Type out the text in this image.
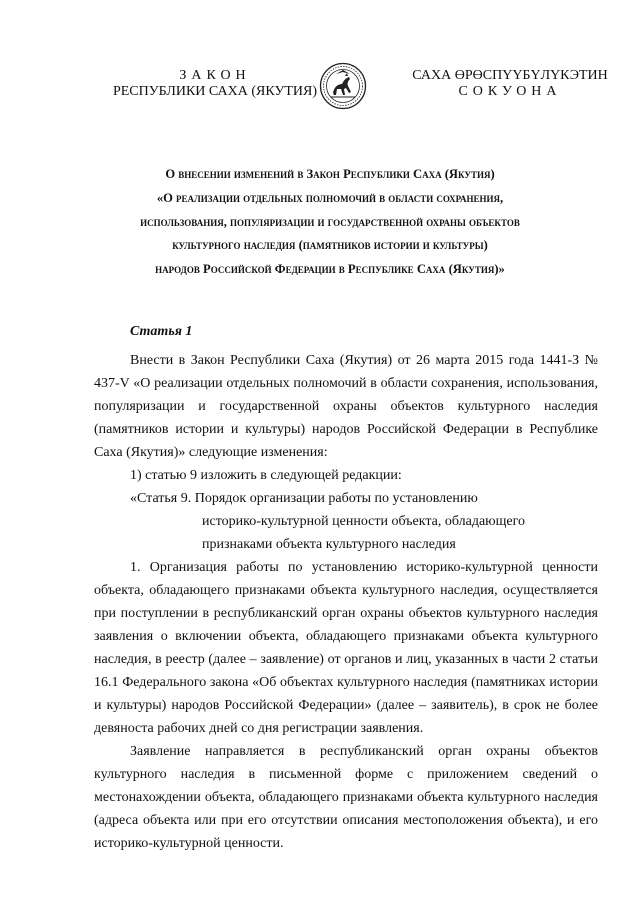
ЗАКОН
РЕСПУБЛИКИ САХА (ЯКУТИЯ)
САХА ӨРӨСПҮҮБҮЛҮКЭТИН
СОКУОНА
О внесении изменений в Закон Республики Саха (Якутия)
«О реализации отдельных полномочий в области сохранения,
использования, популяризации и государственной охраны объектов
культурного наследия (памятников истории и культуры)
народов Российской Федерации в Республике Саха (Якутия)»
Статья 1

Внести в Закон Республики Саха (Якутия) от 26 марта 2015 года 1441-З № 437-V «О реализации отдельных полномочий в области сохранения, использования, популяризации и государственной охраны объектов культурного наследия (памятников истории и культуры) народов Российской Федерации в Республике Саха (Якутия)» следующие изменения:

1) статью 9 изложить в следующей редакции:

«Статья 9. Порядок организации работы по установлению

историко-культурной ценности объекта, обладающего

признаками объекта культурного наследия

1. Организация работы по установлению историко-культурной ценности объекта, обладающего признаками объекта культурного наследия, осуществляется при поступлении в республиканский орган охраны объектов культурного наследия заявления о включении объекта, обладающего признаками объекта культурного наследия, в реестр (далее – заявление) от органов и лиц, указанных в части 2 статьи 16.1 Федерального закона «Об объектах культурного наследия (памятниках истории и культуры) народов Российской Федерации» (далее – заявитель), в срок не более девяноста рабочих дней со дня регистрации заявления.

Заявление направляется в республиканский орган охраны объектов культурного наследия в письменной форме с приложением сведений о местонахождении объекта, обладающего признаками объекта культурного наследия (адреса объекта или при его отсутствии описания местоположения объекта), и его историко-культурной ценности.
